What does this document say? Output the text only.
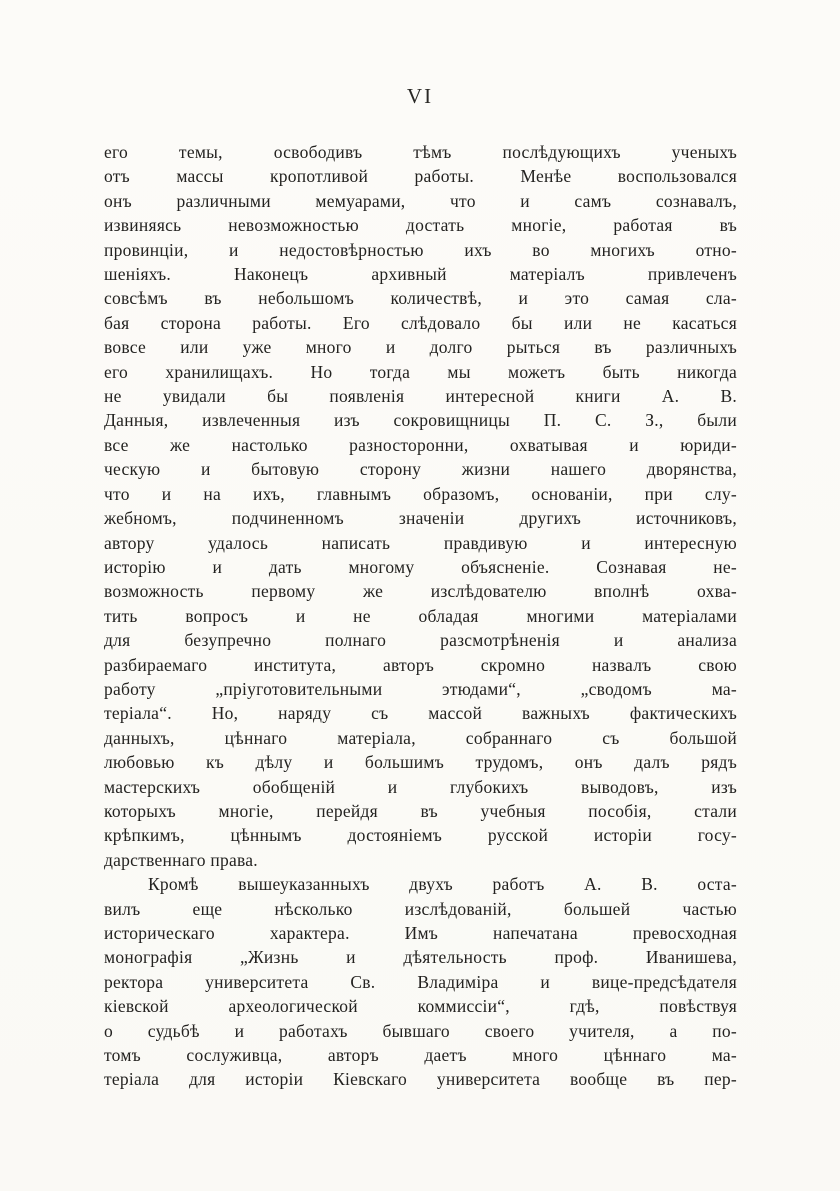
VI
его темы, освободивъ тѣмъ послѣдующихъ ученыхъ
отъ массы кропотливой работы. Менѣе воспользовался
онъ различными мемуарами, что и самъ сознавалъ,
извиняясь невозможностью достать многіе, работая въ
провинціи, и недостовѣрностью ихъ во многихъ отно-
шеніяхъ. Наконецъ архивный матеріалъ привлеченъ
совсѣмъ въ небольшомъ количествѣ, и это самая сла-
бая сторона работы. Его слѣдовало бы или не касаться
вовсе или уже много и долго рыться въ различныхъ
его хранилищахъ. Но тогда мы можетъ быть никогда
не увидали бы появленія интересной книги А. В.
Данныя, извлеченныя изъ сокровищницы П. С. З., были
все же настолько разносторонни, охватывая и юриди-
ческую и бытовую сторону жизни нашего дворянства,
что и на ихъ, главнымъ образомъ, основаніи, при слу-
жебномъ, подчиненномъ значеніи другихъ источниковъ,
автору удалось написать правдивую и интересную
исторію и дать многому объясненіе. Сознавая не-
возможность первому же изслѣдователю вполнѣ охва-
тить вопросъ и не обладая многими матеріалами
для безупречно полнаго разсмотрѣненія и анализа
разбираемаго института, авторъ скромно назвалъ свою
работу „пріуготовительными этюдами“, „сводомъ ма-
теріала“. Но, наряду съ массой важныхъ фактическихъ
данныхъ, цѣннаго матеріала, собраннаго съ большой
любовью къ дѣлу и большимъ трудомъ, онъ далъ рядъ
мастерскихъ обобщеній и глубокихъ выводовъ, изъ
которыхъ многіе, перейдя въ учебныя пособія, стали
крѣпкимъ, цѣннымъ достояніемъ русской исторіи госу-
дарственнаго права.
Кромѣ вышеуказанныхъ двухъ работъ А. В. оста-
вилъ еще нѣсколько изслѣдованій, большей частью
историческаго характера. Имъ напечатана превосходная
монографія „Жизнь и дѣятельность проф. Иванишева,
ректора университета Св. Владиміра и вице-предсѣдателя
кіевской археологической коммиссіи“, гдѣ, повѣствуя
о судьбѣ и работахъ бывшаго своего учителя, а по-
томъ сослуживца, авторъ даетъ много цѣннаго ма-
теріала для исторіи Кіевскаго университета вообще въ пер-
